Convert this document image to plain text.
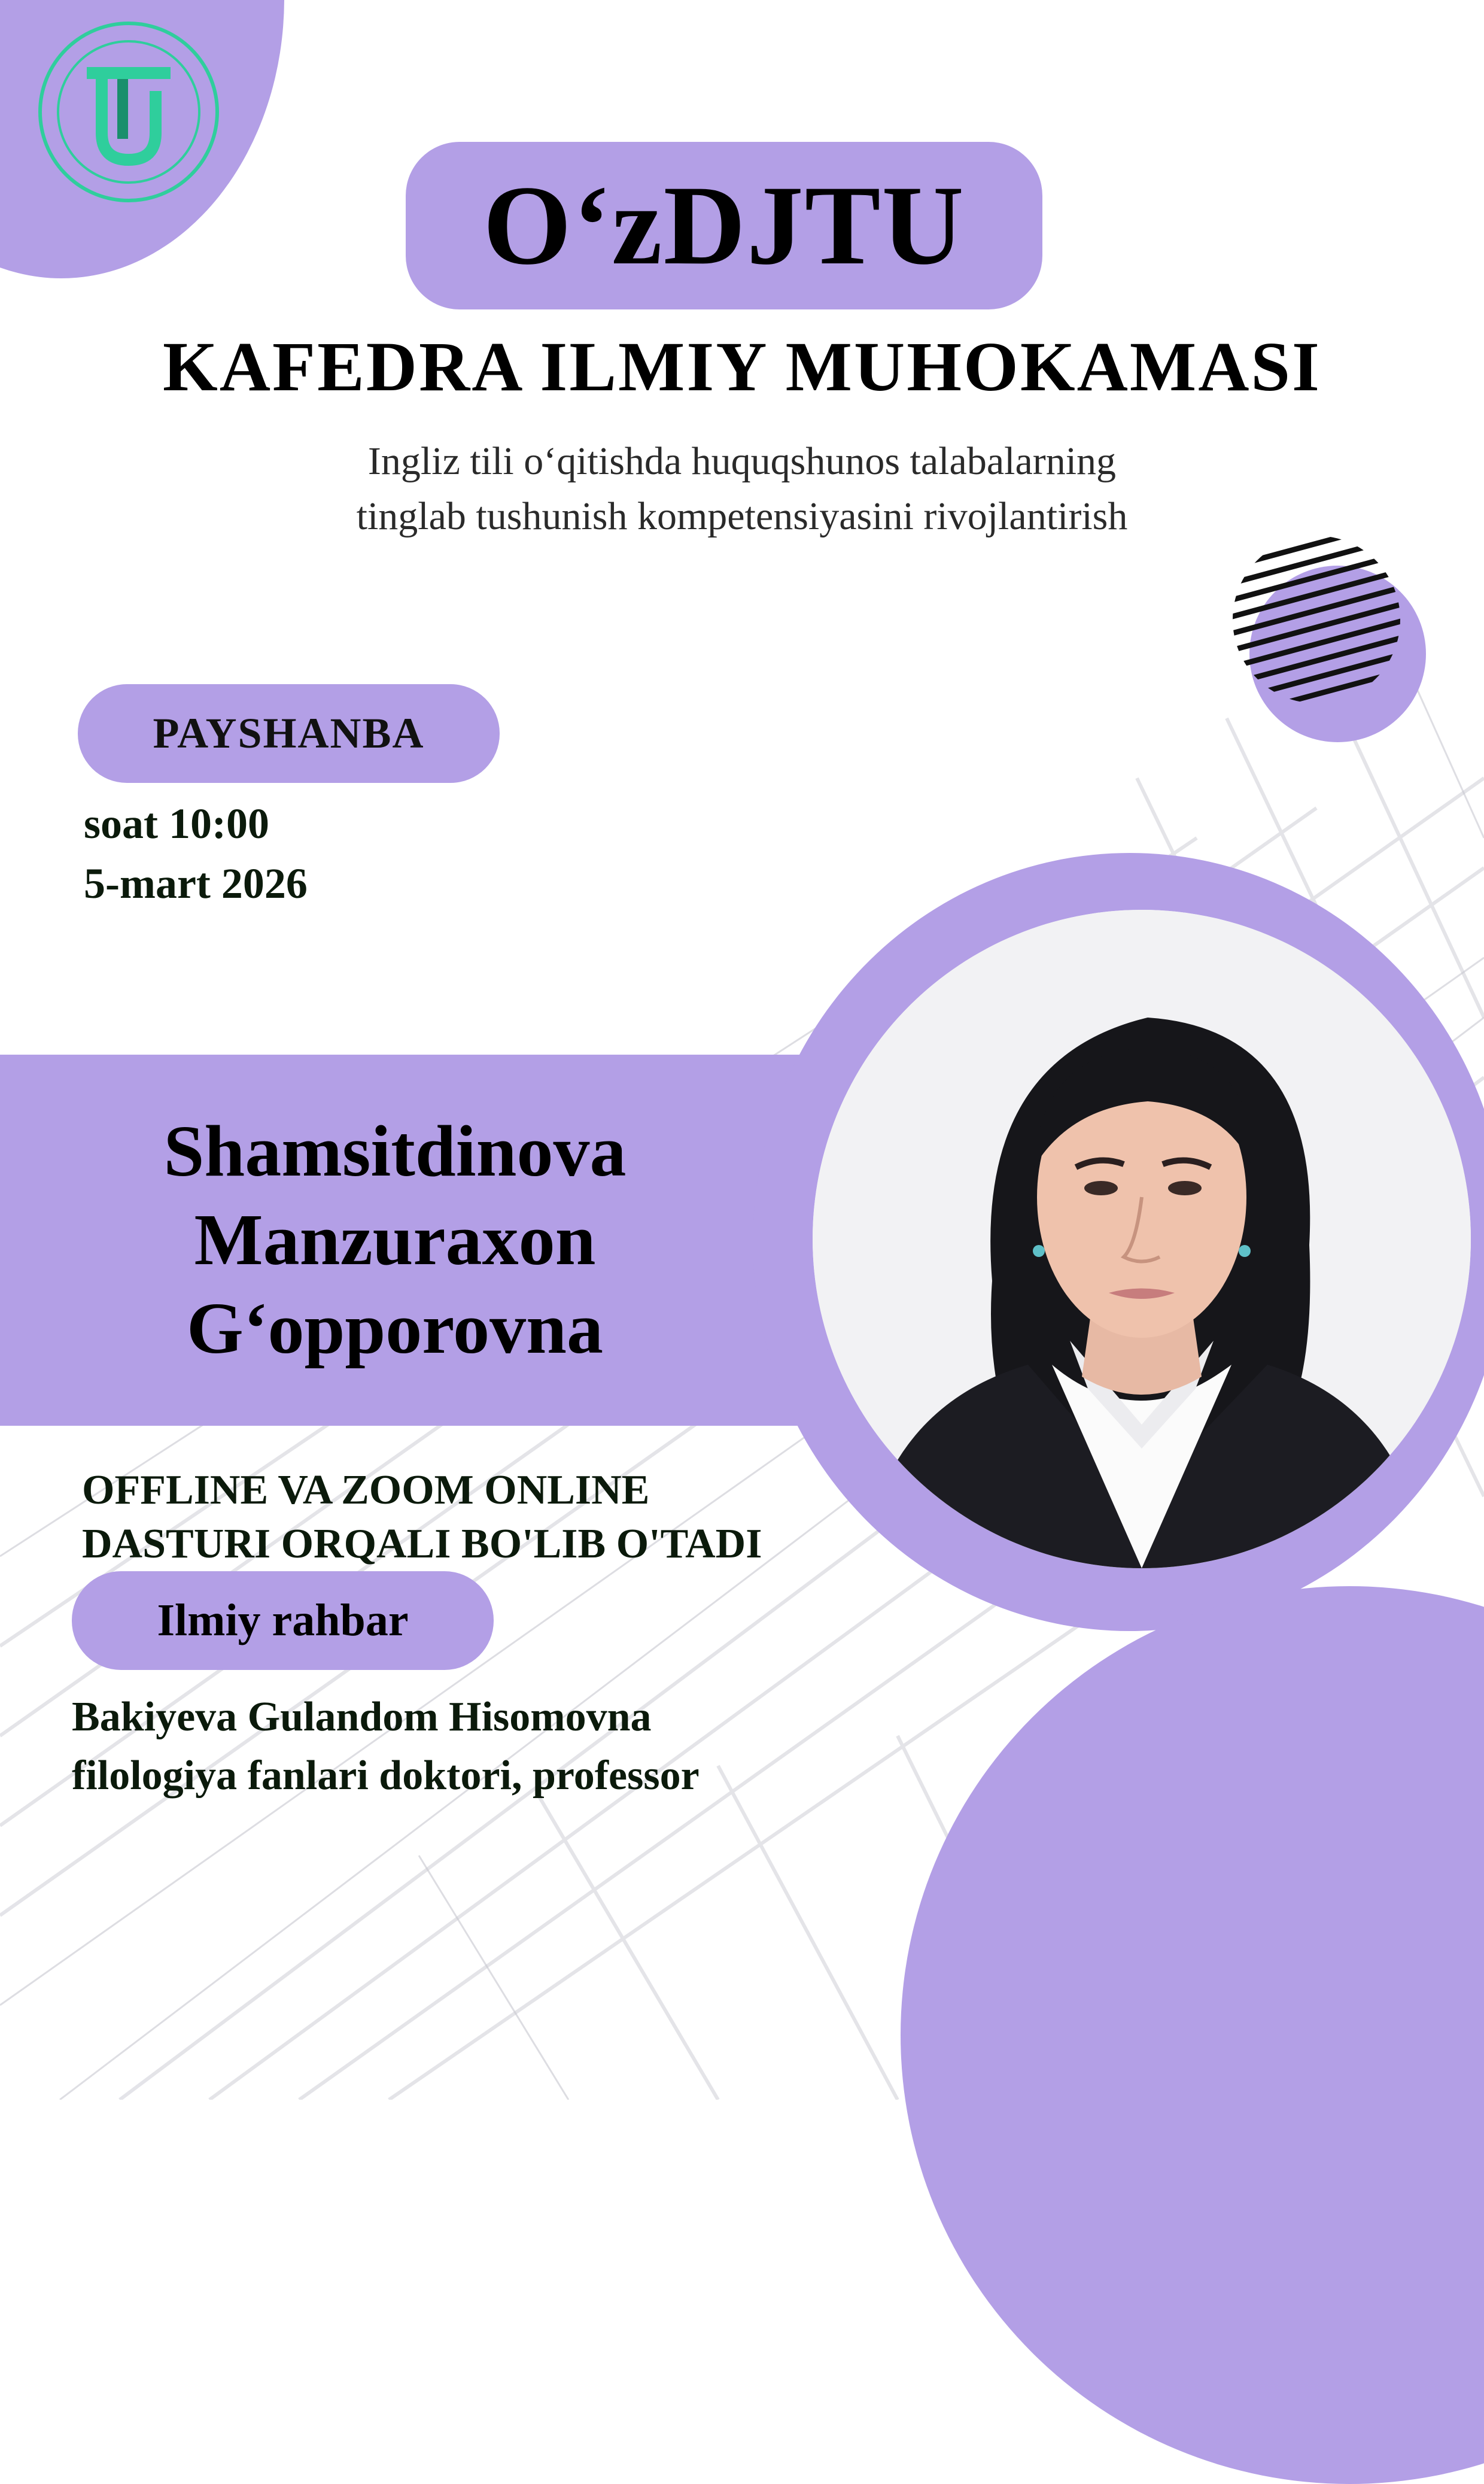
O‘zDJTU
KAFEDRA ILMIY MUHOKAMASI
Ingliz tili o‘qitishda huquqshunos talabalarning
tinglab tushunish kompetensiyasini rivojlantirish
PAYSHANBA
soat 10:00
5-mart 2026
Shamsitdinova
Manzuraxon
G‘opporovna
OFFLINE VA ZOOM ONLINE
DASTURI ORQALI BO'LIB O'TADI
Ilmiy rahbar
Bakiyeva Gulandom Hisomovna
filologiya fanlari doktori, professor
